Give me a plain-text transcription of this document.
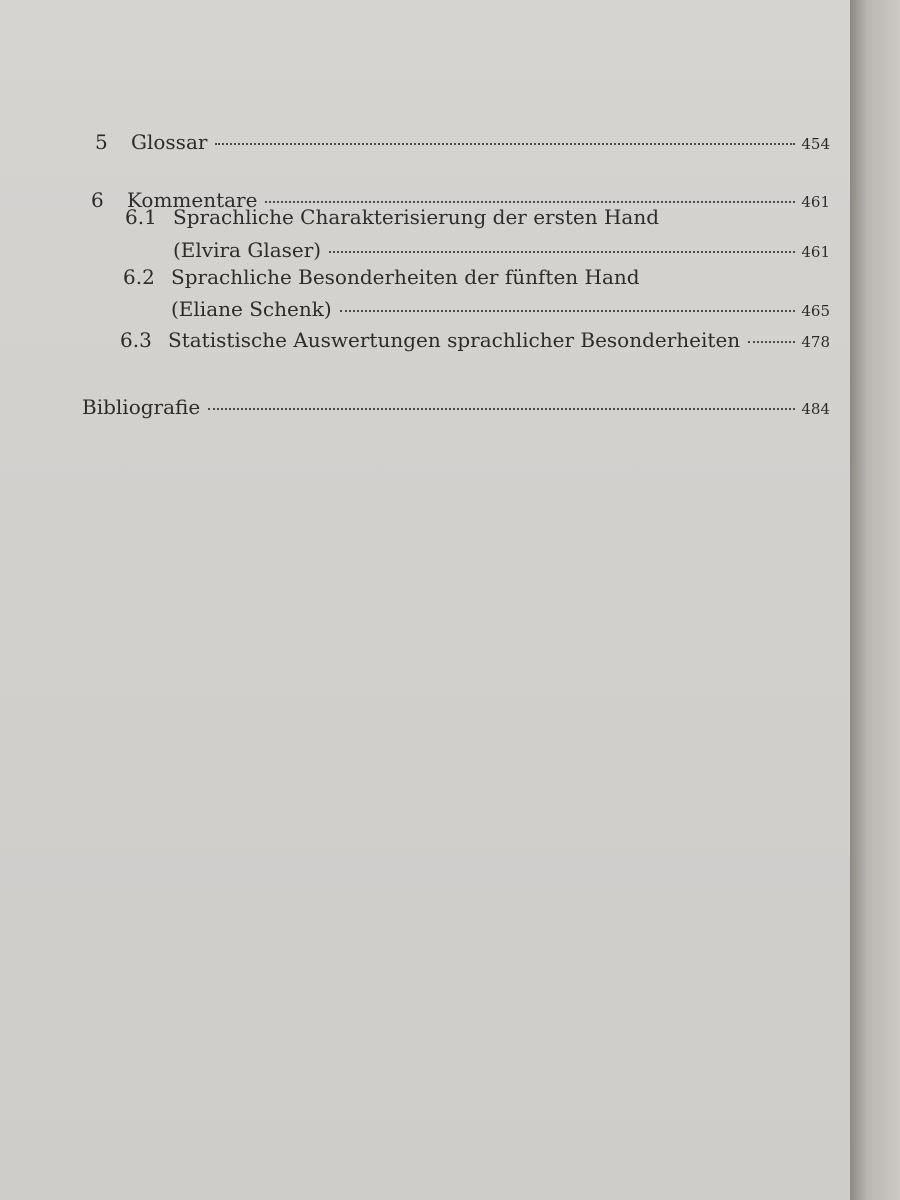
5	Glossar	454
6	Kommentare	461
6.1 Sprachliche Charakterisierung der ersten Hand
(Elvira Glaser)	461
6.2 Sprachliche Besonderheiten der fünften Hand
(Eliane Schenk)	465
6.3 Statistische Auswertungen sprachlicher Besonderheiten	478
Bibliografie	484
